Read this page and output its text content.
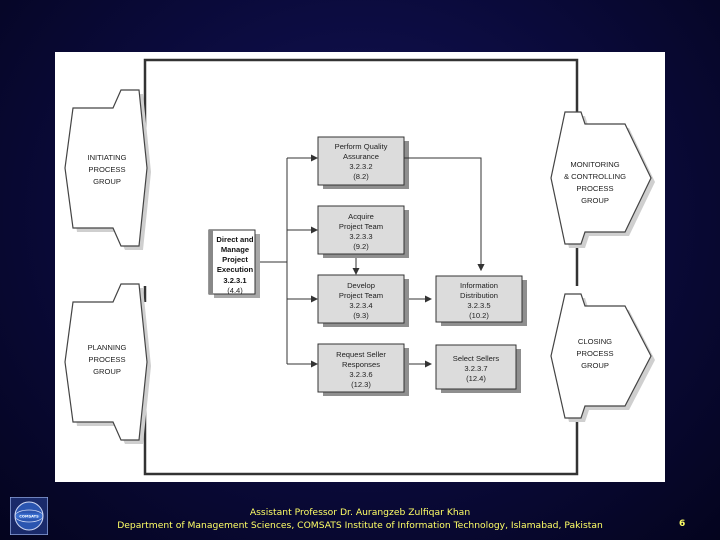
INITIATING
PROCESS
GROUP
PLANNING
PROCESS
GROUP
MONITORING
& CONTROLLING
PROCESS
GROUP
CLOSING
PROCESS
GROUP
Direct and
Manage
Project
Execution
3.2.3.1
(4.4)
Perform Quality
Assurance
3.2.3.2
(8.2)
Acquire
Project Team
3.2.3.3
(9.2)
Develop
Project Team
3.2.3.4
(9.3)
Request Seller
Responses
3.2.3.6
(12.3)
Information
Distribution
3.2.3.5
(10.2)
Select Sellers
3.2.3.7
(12.4)
COMSATS	Assistant Professor Dr. Aurangzeb Zulfiqar Khan
Department of Management Sciences, COMSATS Institute of Information Technology, Islamabad, Pakistan	6
